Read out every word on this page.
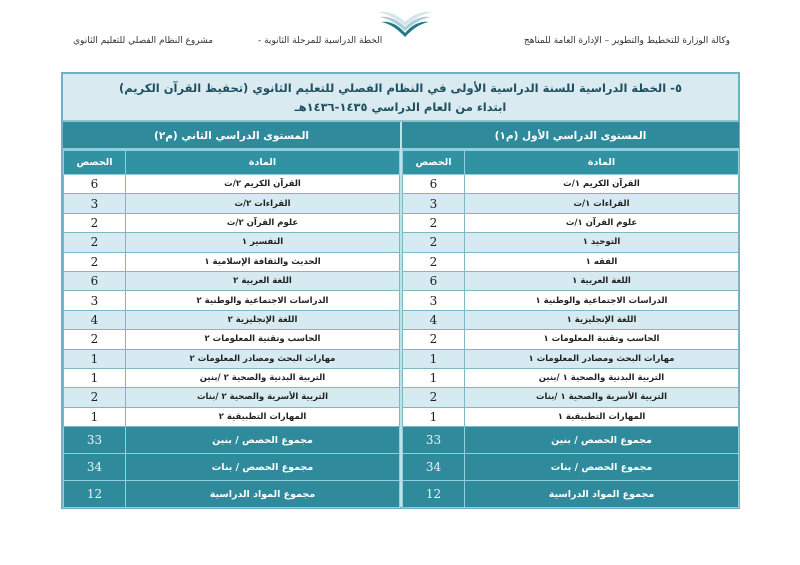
وكالة الوزارة للتخطيط والتطوير – الإدارة العامة للمناهج
الخطة الدراسية للمرحلة الثانوية -
٥- الخطة الدراسية للسنة الدراسية الأولى في النظام الفصلي للتعليم الثانوي (تحفيظ القرآن الكريم)
ابتداء من العام الدراسي ١٤٣٥-١٤٣٦هـ
المستوى الدراسي الأول (م١)
الحصص	المادة
6	القرآن الكريم ١/ت
3	القراءات ١/ت
2	علوم القرآن ١/ت
2	التوحيد ١
2	الفقه ١
6	اللغة العربية ١
3	الدراسات الاجتماعية والوطنية ١
4	اللغة الإنجليزية ١
2	الحاسب وتقنية المعلومات ١
1	مهارات البحث ومصادر المعلومات ١
1	التربية البدنية والصحية ١ /بنين
2	التربية الأسرية والصحية ١ /بنات
1	المهارات التطبيقية ١
33	مجموع الحصص / بنين
34	مجموع الحصص / بنات
12	مجموع المواد الدراسية
المستوى الدراسي الثاني (م٢)
الحصص	المادة
6	القرآن الكريم ٢/ت
3	القراءات ٢/ت
2	علوم القرآن ٢/ت
2	التفسير ١
2	الحديث والثقافة الإسلامية ١
6	اللغة العربية ٢
3	الدراسات الاجتماعية والوطنية ٢
4	اللغة الإنجليزية ٢
2	الحاسب وتقنية المعلومات ٢
1	مهارات البحث ومصادر المعلومات ٢
1	التربية البدنية والصحية ٢ /بنين
2	التربية الأسرية والصحية ٢ /بنات
1	المهارات التطبيقية ٢
33	مجموع الحصص / بنين
34	مجموع الحصص / بنات
12	مجموع المواد الدراسية
مشروع النظام الفصلي للتعليم الثانوي
